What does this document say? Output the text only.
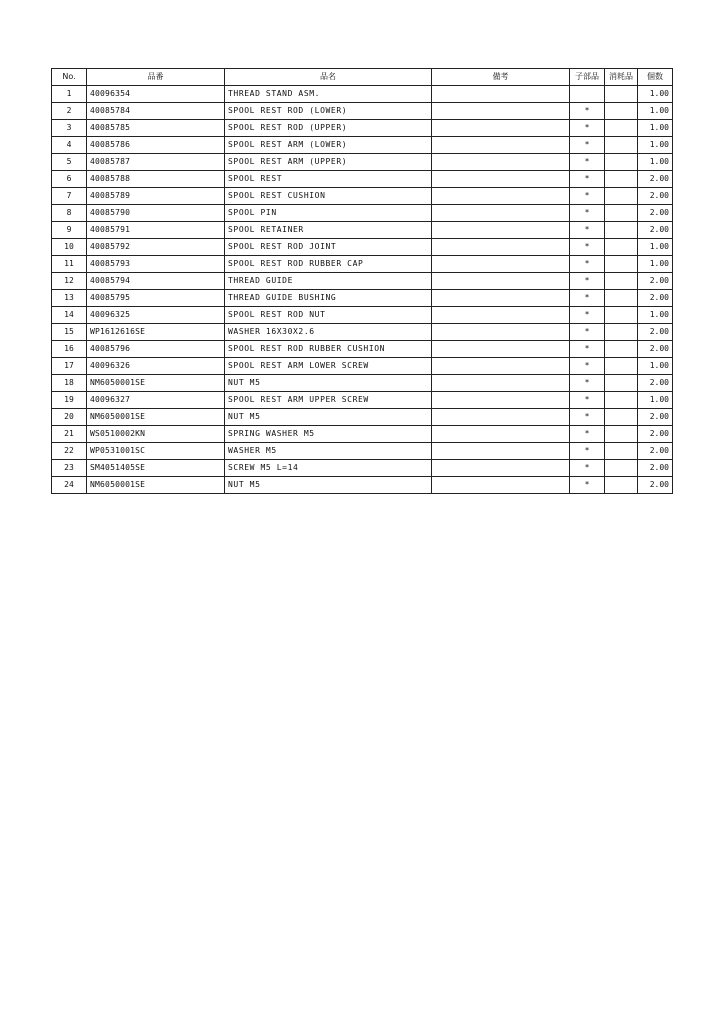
No.	品番	品名	備考	子部品	消耗品	個数
1	40096354	THREAD STAND ASM.				1.00
2	40085784	SPOOL REST ROD (LOWER)		*		1.00
3	40085785	SPOOL REST ROD (UPPER)		*		1.00
4	40085786	SPOOL REST ARM (LOWER)		*		1.00
5	40085787	SPOOL REST ARM (UPPER)		*		1.00
6	40085788	SPOOL REST		*		2.00
7	40085789	SPOOL REST CUSHION		*		2.00
8	40085790	SPOOL PIN		*		2.00
9	40085791	SPOOL RETAINER		*		2.00
10	40085792	SPOOL REST ROD JOINT		*		1.00
11	40085793	SPOOL REST ROD RUBBER CAP		*		1.00
12	40085794	THREAD GUIDE		*		2.00
13	40085795	THREAD GUIDE BUSHING		*		2.00
14	40096325	SPOOL REST ROD NUT		*		1.00
15	WP1612616SE	WASHER 16X30X2.6		*		2.00
16	40085796	SPOOL REST ROD RUBBER CUSHION		*		2.00
17	40096326	SPOOL REST ARM LOWER SCREW		*		1.00
18	NM6050001SE	NUT M5		*		2.00
19	40096327	SPOOL REST ARM UPPER SCREW		*		1.00
20	NM6050001SE	NUT M5		*		2.00
21	WS0510002KN	SPRING WASHER M5		*		2.00
22	WP0531001SC	WASHER M5		*		2.00
23	SM4051405SE	SCREW M5 L=14		*		2.00
24	NM6050001SE	NUT M5		*		2.00
